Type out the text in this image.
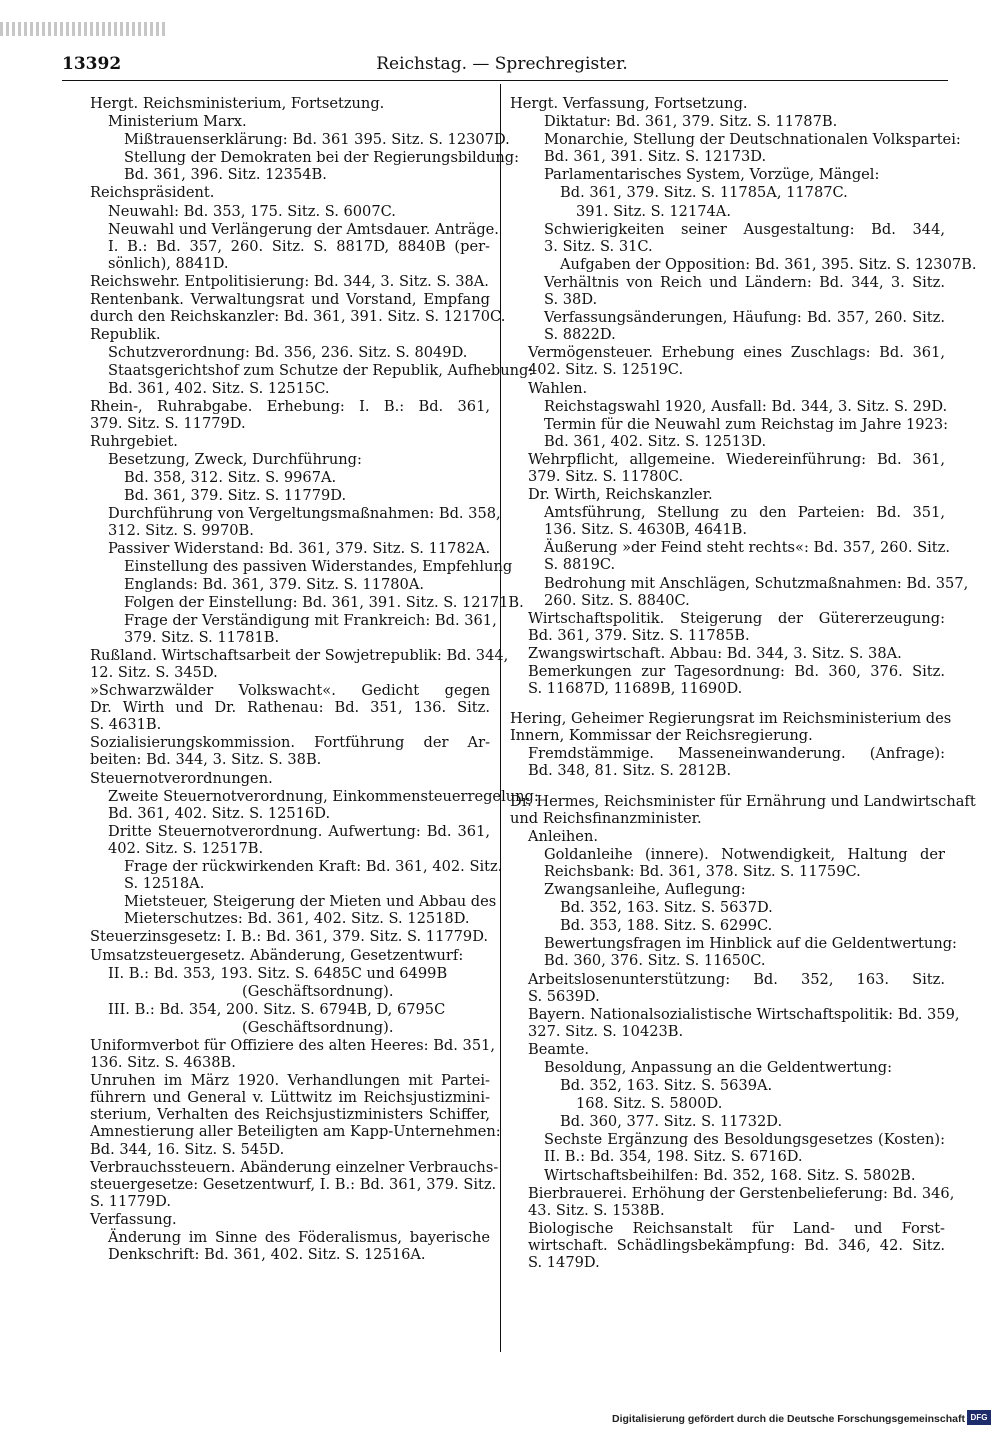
13392	Reichstag. — Sprechregister.
Hergt. Reichsministerium, Fortsetzung.
Ministerium Marx.
Mißtrauenserklärung: Bd. 361 395. Sitz. S. 12307D.
Stellung der Demokraten bei der Regierungsbildung:
Bd. 361, 396. Sitz. 12354B.
Reichspräsident.
Neuwahl: Bd. 353, 175. Sitz. S. 6007C.
Neuwahl und Verlängerung der Amtsdauer. Anträge.
I. B.: Bd. 357, 260. Sitz. S. 8817D, 8840B (per-
sönlich), 8841D.
Reichswehr. Entpolitisierung: Bd. 344, 3. Sitz. S. 38A.
Rentenbank. Verwaltungsrat und Vorstand, Empfang
durch den Reichskanzler: Bd. 361, 391. Sitz. S. 12170C.
Republik.
Schutzverordnung: Bd. 356, 236. Sitz. S. 8049D.
Staatsgerichtshof zum Schutze der Republik, Aufhebung:
Bd. 361, 402. Sitz. S. 12515C.
Rhein-, Ruhrabgabe. Erhebung: I. B.: Bd. 361,
379. Sitz. S. 11779D.
Ruhrgebiet.
Besetzung, Zweck, Durchführung:
Bd. 358, 312. Sitz. S. 9967A.
Bd. 361, 379. Sitz. S. 11779D.
Durchführung von Vergeltungsmaßnahmen: Bd. 358,
312. Sitz. S. 9970B.
Passiver Widerstand: Bd. 361, 379. Sitz. S. 11782A.
Einstellung des passiven Widerstandes, Empfehlung
Englands: Bd. 361, 379. Sitz. S. 11780A.
Folgen der Einstellung: Bd. 361, 391. Sitz. S. 12171B.
Frage der Verständigung mit Frankreich: Bd. 361,
379. Sitz. S. 11781B.
Rußland. Wirtschaftsarbeit der Sowjetrepublik: Bd. 344,
12. Sitz. S. 345D.
»Schwarzwälder Volkswacht«. Gedicht gegen
Dr. Wirth und Dr. Rathenau: Bd. 351, 136. Sitz.
S. 4631B.
Sozialisierungskommission. Fortführung der Ar-
beiten: Bd. 344, 3. Sitz. S. 38B.
Steuernotverordnungen.
Zweite Steuernotverordnung, Einkommensteuerregelung:
Bd. 361, 402. Sitz. S. 12516D.
Dritte Steuernotverordnung. Aufwertung: Bd. 361,
402. Sitz. S. 12517B.
Frage der rückwirkenden Kraft: Bd. 361, 402. Sitz.
S. 12518A.
Mietsteuer, Steigerung der Mieten und Abbau des
Mieterschutzes: Bd. 361, 402. Sitz. S. 12518D.
Steuerzinsgesetz: I. B.: Bd. 361, 379. Sitz. S. 11779D.
Umsatzsteuergesetz. Abänderung, Gesetzentwurf:
II. B.: Bd. 353, 193. Sitz. S. 6485C und 6499B
(Geschäftsordnung).
III. B.: Bd. 354, 200. Sitz. S. 6794B, D, 6795C
(Geschäftsordnung).
Uniformverbot für Offiziere des alten Heeres: Bd. 351,
136. Sitz. S. 4638B.
Unruhen im März 1920. Verhandlungen mit Partei-
führern und General v. Lüttwitz im Reichsjustizmini-
sterium, Verhalten des Reichsjustizministers Schiffer,
Amnestierung aller Beteiligten am Kapp-Unternehmen:
Bd. 344, 16. Sitz. S. 545D.
Verbrauchssteuern. Abänderung einzelner Verbrauchs-
steuergesetze: Gesetzentwurf, I. B.: Bd. 361, 379. Sitz.
S. 11779D.
Verfassung.
Änderung im Sinne des Föderalismus, bayerische
Denkschrift: Bd. 361, 402. Sitz. S. 12516A.
Hergt. Verfassung, Fortsetzung.
Diktatur: Bd. 361, 379. Sitz. S. 11787B.
Monarchie, Stellung der Deutschnationalen Volkspartei:
Bd. 361, 391. Sitz. S. 12173D.
Parlamentarisches System, Vorzüge, Mängel:
Bd. 361, 379. Sitz. S. 11785A, 11787C.
391. Sitz. S. 12174A.
Schwierigkeiten seiner Ausgestaltung: Bd. 344,
3. Sitz. S. 31C.
Aufgaben der Opposition: Bd. 361, 395. Sitz. S. 12307B.
Verhältnis von Reich und Ländern: Bd. 344, 3. Sitz.
S. 38D.
Verfassungsänderungen, Häufung: Bd. 357, 260. Sitz.
S. 8822D.
Vermögensteuer. Erhebung eines Zuschlags: Bd. 361,
402. Sitz. S. 12519C.
Wahlen.
Reichstagswahl 1920, Ausfall: Bd. 344, 3. Sitz. S. 29D.
Termin für die Neuwahl zum Reichstag im Jahre 1923:
Bd. 361, 402. Sitz. S. 12513D.
Wehrpflicht, allgemeine. Wiedereinführung: Bd. 361,
379. Sitz. S. 11780C.
Dr. Wirth, Reichskanzler.
Amtsführung, Stellung zu den Parteien: Bd. 351,
136. Sitz. S. 4630B, 4641B.
Äußerung »der Feind steht rechts«: Bd. 357, 260. Sitz.
S. 8819C.
Bedrohung mit Anschlägen, Schutzmaßnahmen: Bd. 357,
260. Sitz. S. 8840C.
Wirtschaftspolitik. Steigerung der Gütererzeugung:
Bd. 361, 379. Sitz. S. 11785B.
Zwangswirtschaft. Abbau: Bd. 344, 3. Sitz. S. 38A.
Bemerkungen zur Tagesordnung: Bd. 360, 376. Sitz.
S. 11687D, 11689B, 11690D.
Hering, Geheimer Regierungsrat im Reichsministerium des
Innern, Kommissar der Reichsregierung.
Fremdstämmige. Masseneinwanderung. (Anfrage):
Bd. 348, 81. Sitz. S. 2812B.
Dr. Hermes, Reichsminister für Ernährung und Landwirtschaft
und Reichsfinanzminister.
Anleihen.
Goldanleihe (innere). Notwendigkeit, Haltung der
Reichsbank: Bd. 361, 378. Sitz. S. 11759C.
Zwangsanleihe, Auflegung:
Bd. 352, 163. Sitz. S. 5637D.
Bd. 353, 188. Sitz. S. 6299C.
Bewertungsfragen im Hinblick auf die Geldentwertung:
Bd. 360, 376. Sitz. S. 11650C.
Arbeitslosenunterstützung: Bd. 352, 163. Sitz.
S. 5639D.
Bayern. Nationalsozialistische Wirtschaftspolitik: Bd. 359,
327. Sitz. S. 10423B.
Beamte.
Besoldung, Anpassung an die Geldentwertung:
Bd. 352, 163. Sitz. S. 5639A.
168. Sitz. S. 5800D.
Bd. 360, 377. Sitz. S. 11732D.
Sechste Ergänzung des Besoldungsgesetzes (Kosten):
II. B.: Bd. 354, 198. Sitz. S. 6716D.
Wirtschaftsbeihilfen: Bd. 352, 168. Sitz. S. 5802B.
Bierbrauerei. Erhöhung der Gerstenbelieferung: Bd. 346,
43. Sitz. S. 1538B.
Biologische Reichsanstalt für Land- und Forst-
wirtschaft. Schädlingsbekämpfung: Bd. 346, 42. Sitz.
S. 1479D.
Digitalisierung gefördert durch die Deutsche Forschungsgemeinschaft DFG
